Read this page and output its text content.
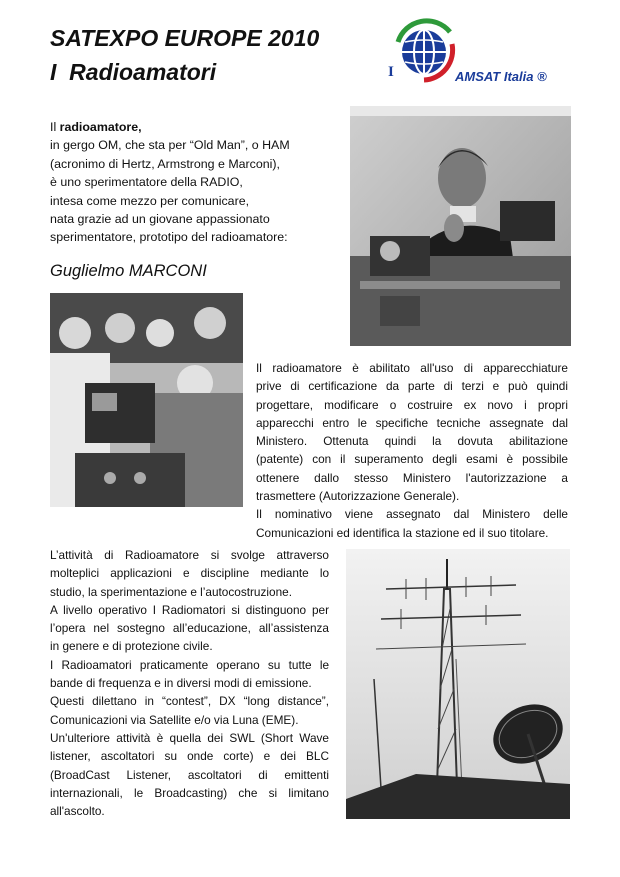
SATEXPO EUROPE 2010
I  Radioamatori	I	AMSAT Italia ®
Il radioamatore,
in gergo OM, che sta per “Old Man”, o HAM
(acronimo di Hertz, Armstrong e Marconi),
è uno sperimentatore della RADIO,
intesa come mezzo per comunicare,
nata grazie ad un giovane appassionato
sperimentatore, prototipo del radioamatore:
Guglielmo MARCONI
Il radioamatore è abilitato all'uso di apparecchiature
prive di certificazione da parte di terzi e può quindi
progettare, modificare o costruire ex novo i propri
apparecchi entro le specifiche tecniche assegnate dal
Ministero. Ottenuta quindi la dovuta abilitazione
(patente) con il superamento degli esami è possibile
ottenere dallo stesso Ministero l'autorizzazione a
trasmettere (Autorizzazione Generale).
Il nominativo viene assegnato dal Ministero delle
Comunicazioni ed identifica la stazione ed il suo titolare.
L’attività di Radioamatore si svolge attraverso
molteplici applicazioni e discipline mediante lo
studio, la sperimentazione e l’autocostruzione.
A livello operativo I Radiomatori si distinguono per
l’opera nel sostegno all’educazione, all’assistenza
in genere e di protezione civile.
I Radioamatori praticamente operano su tutte le
bande di frequenza e in diversi modi di emissione.
Questi dilettano in “contest”, DX “long distance”,
Comunicazioni via Satellite e/o via Luna (EME).
Un'ulteriore attività è quella dei SWL (Short Wave
listener, ascoltatori su onde corte) e dei BLC
(BroadCast Listener, ascoltatori di emittenti
internazionali, le Broadcasting) che si limitano
all'ascolto.
